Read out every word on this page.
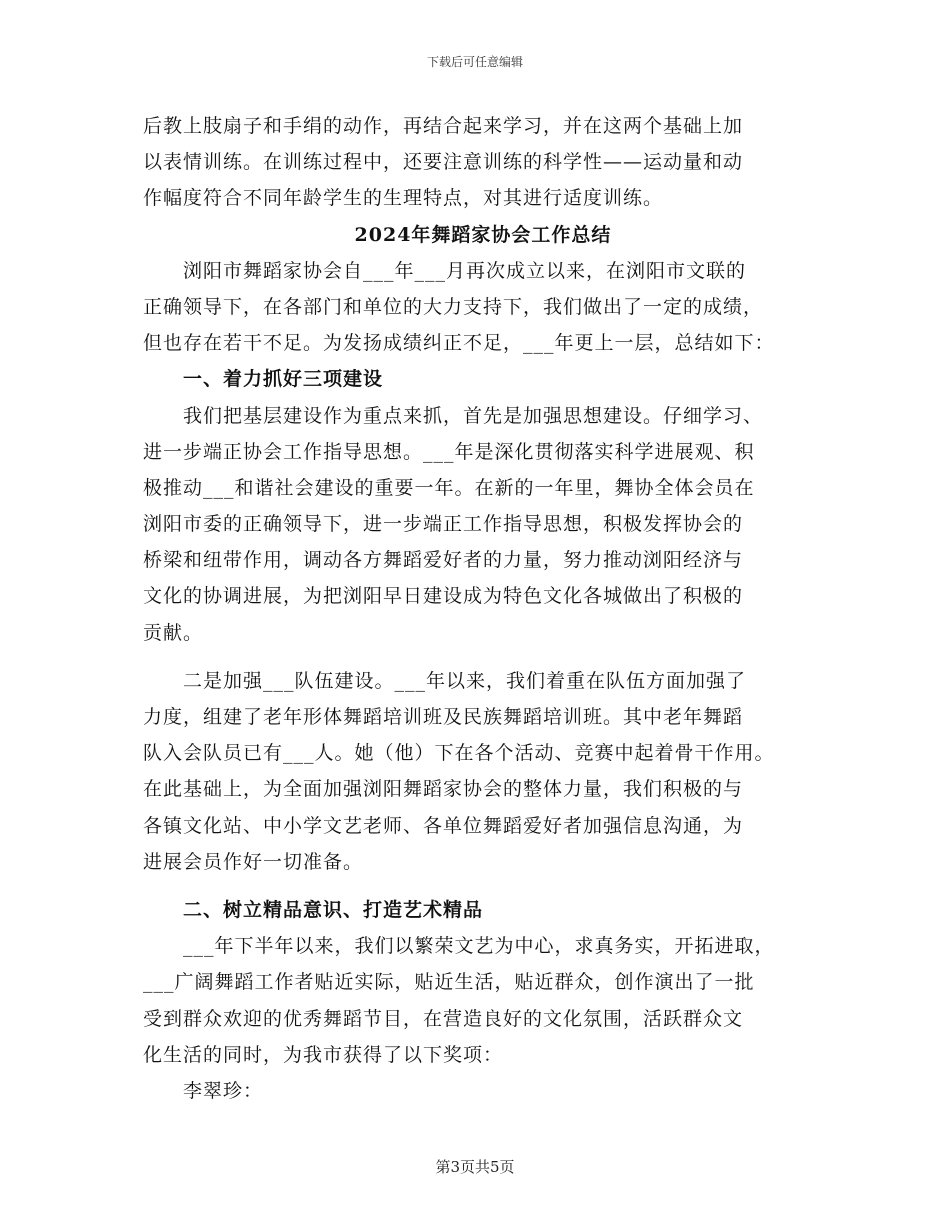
下载后可任意编辑
后教上肢扇子和手绢的动作，再结合起来学习，并在这两个基础上加
以表情训练。在训练过程中，还要注意训练的科学性——运动量和动
作幅度符合不同年龄学生的生理特点，对其进行适度训练。
2024年舞蹈家协会工作总结
浏阳市舞蹈家协会自___年___月再次成立以来，在浏阳市文联的
正确领导下，在各部门和单位的大力支持下，我们做出了一定的成绩，
但也存在若干不足。为发扬成绩纠正不足，___年更上一层，总结如下：
一、着力抓好三项建设
我们把基层建设作为重点来抓，首先是加强思想建设。仔细学习、
进一步端正协会工作指导思想。___年是深化贯彻落实科学进展观、积
极推动___和谐社会建设的重要一年。在新的一年里，舞协全体会员在
浏阳市委的正确领导下，进一步端正工作指导思想，积极发挥协会的
桥梁和纽带作用，调动各方舞蹈爱好者的力量，努力推动浏阳经济与
文化的协调进展，为把浏阳早日建设成为特色文化各城做出了积极的
贡献。
二是加强___队伍建设。___年以来，我们着重在队伍方面加强了
力度，组建了老年形体舞蹈培训班及民族舞蹈培训班。其中老年舞蹈
队入会队员已有___人。她（他）下在各个活动、竞赛中起着骨干作用。
在此基础上，为全面加强浏阳舞蹈家协会的整体力量，我们积极的与
各镇文化站、中小学文艺老师、各单位舞蹈爱好者加强信息沟通，为
进展会员作好一切准备。
二、树立精品意识、打造艺术精品
___年下半年以来，我们以繁荣文艺为中心，求真务实，开拓进取，
___广阔舞蹈工作者贴近实际，贴近生活，贴近群众，创作演出了一批
受到群众欢迎的优秀舞蹈节目，在营造良好的文化氛围，活跃群众文
化生活的同时，为我市获得了以下奖项：
李翠珍：
第3页共5页
